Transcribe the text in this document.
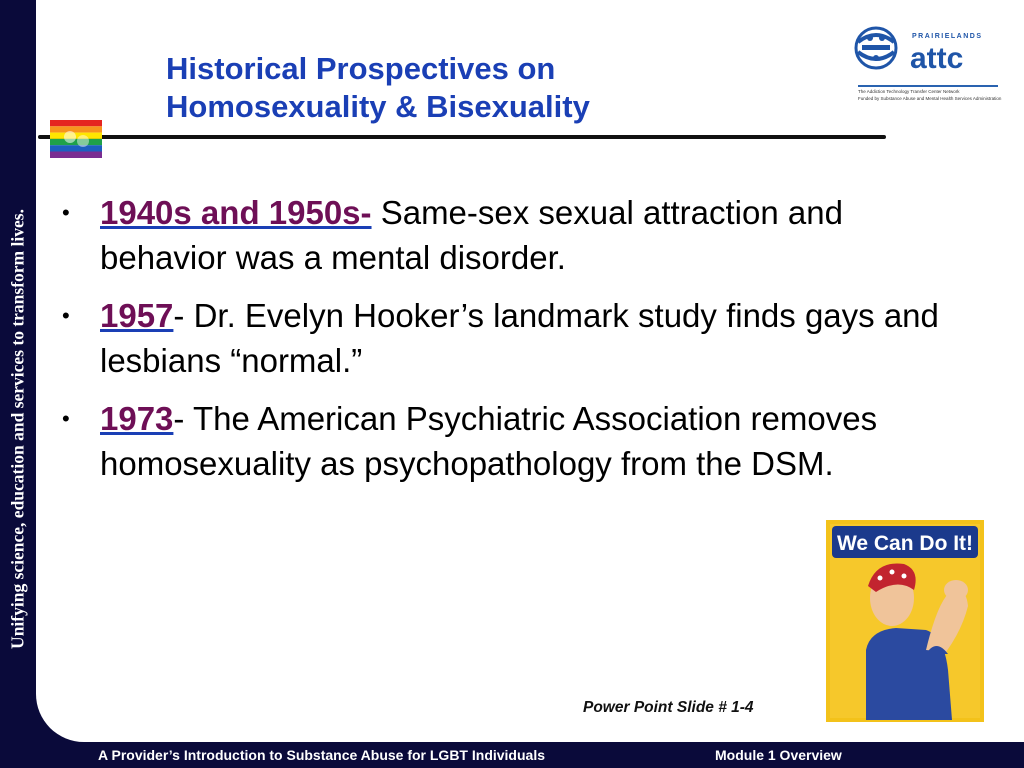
Unifying science, education and services to transform lives.
Historical Prospectives on
Homosexuality & Bisexuality
PRAIRIELANDS
attc
The Addiction Technology Transfer Center Network
Funded by Substance Abuse and Mental Health Services Administration
• 1940s and 1950s- Same-sex sexual attraction and behavior was a mental disorder.
• 1957- Dr. Evelyn Hooker’s landmark study finds gays and lesbians “normal.”
• 1973- The American Psychiatric Association removes homosexuality as psychopathology from the DSM.
We Can Do It!
Power Point Slide # 1-4
A Provider’s Introduction to Substance Abuse for LGBT Individuals	Module 1 Overview
